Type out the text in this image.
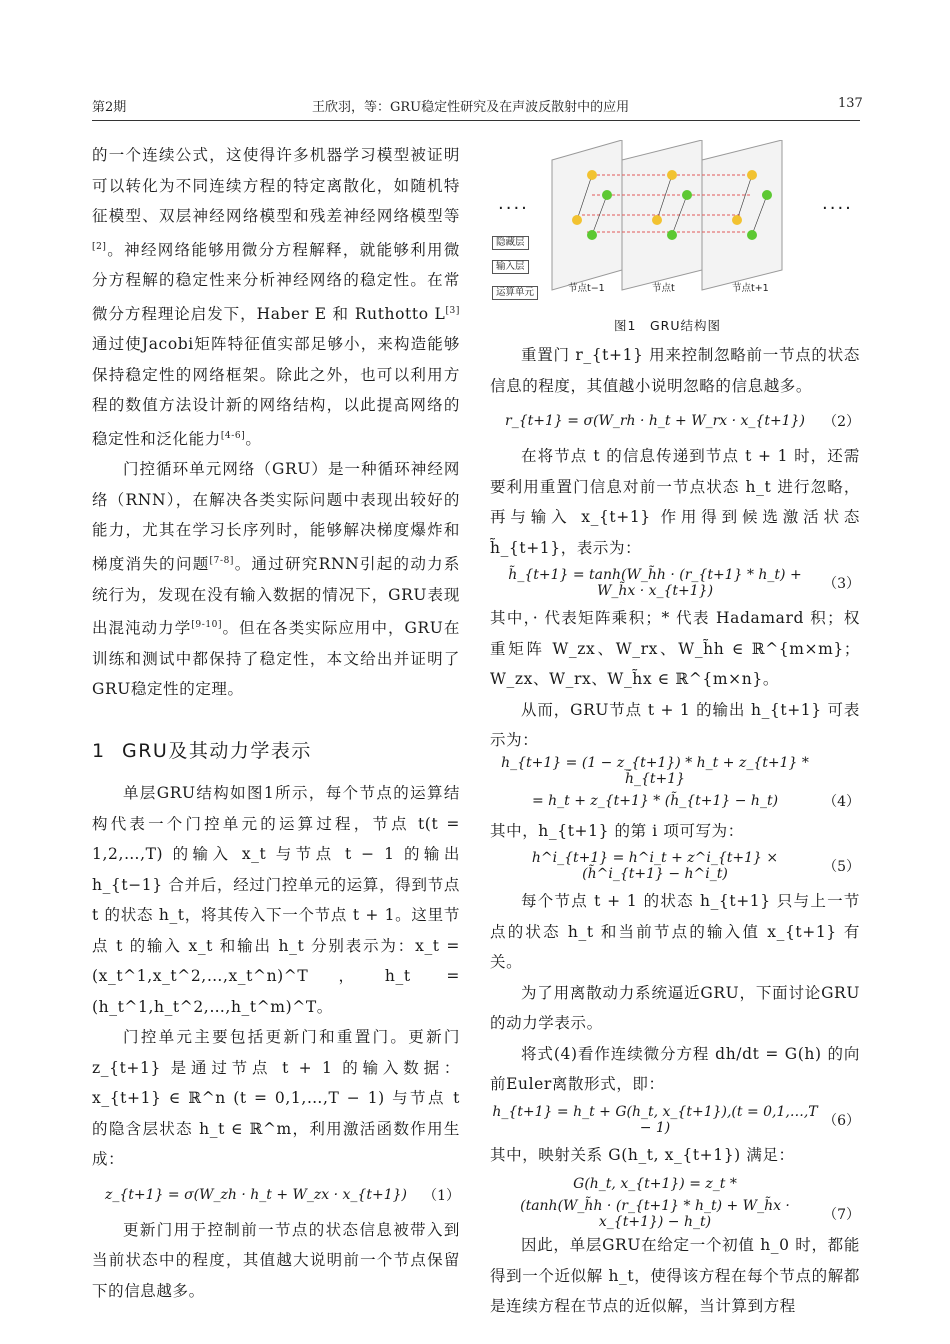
第2期	王欣羽，等：GRU稳定性研究及在声波反散射中的应用	137

的一个连续公式，这使得许多机器学习模型被证明可以转化为不同连续方程的特定离散化，如随机特征模型、双层神经网络模型和残差神经网络模型等[2]。神经网络能够用微分方程解释，就能够利用微分方程解的稳定性来分析神经网络的稳定性。在常微分方程理论启发下，Haber E 和 Ruthotto L[3]通过使Jacobi矩阵特征值实部足够小，来构造能够保持稳定性的网络框架。除此之外，也可以利用方程的数值方法设计新的网络结构，以此提高网络的稳定性和泛化能力[4-6]。

门控循环单元网络（GRU）是一种循环神经网络（RNN），在解决各类实际问题中表现出较好的能力，尤其在学习长序列时，能够解决梯度爆炸和梯度消失的问题[7-8]。通过研究RNN引起的动力系统行为，发现在没有输入数据的情况下，GRU表现出混沌动力学[9-10]。但在各类实际应用中，GRU在训练和测试中都保持了稳定性，本文给出并证明了GRU稳定性的定理。

1 GRU及其动力学表示

单层GRU结构如图1所示，每个节点的运算结构代表一个门控单元的运算过程，节点 t(t = 1,2,…,T) 的输入 x_t 与节点 t − 1 的输出 h_{t−1} 合并后，经过门控单元的运算，得到节点 t 的状态 h_t，将其传入下一个节点 t + 1。这里节点 t 的输入 x_t 和输出 h_t 分别表示为：x_t = (x_t^1,x_t^2,…,x_t^n)^T，h_t = (h_t^1,h_t^2,…,h_t^m)^T。

门控单元主要包括更新门和重置门。更新门 z_{t+1} 是通过节点 t + 1 的输入数据：x_{t+1} ∈ ℝ^n (t = 0,1,…,T − 1) 与节点 t 的隐含层状态 h_t ∈ ℝ^m，利用激活函数作用生成：

z_{t+1} = σ(W_zh · h_t + W_zx · x_{t+1})	（1）

更新门用于控制前一节点的状态信息被带入到当前状态中的程度，其值越大说明前一个节点保留下的信息越多。

····	····
隐藏层
输入层
运算单元	节点t−1	节点t	节点t+1
图1　GRU结构图

重置门 r_{t+1} 用来控制忽略前一节点的状态信息的程度，其值越小说明忽略的信息越多。

r_{t+1} = σ(W_rh · h_t + W_rx · x_{t+1})	（2）

在将节点 t 的信息传递到节点 t + 1 时，还需要利用重置门信息对前一节点状态 h_t 进行忽略，再与输入 x_{t+1} 作用得到候选激活状态 h̃_{t+1}，表示为：

h̃_{t+1} = tanh(W_h̃h · (r_{t+1} * h_t) + W_h̃x · x_{t+1})	（3）

其中，· 代表矩阵乘积；* 代表 Hadamard 积；权重矩阵 W_zx、W_rx、W_h̃h ∈ ℝ^{m×m}；W_zx、W_rx、W_h̃x ∈ ℝ^{m×n}。

从而，GRU节点 t + 1 的输出 h_{t+1} 可表示为：

h_{t+1} = (1 − z_{t+1}) * h_t + z_{t+1} * h̃_{t+1}
= h_t + z_{t+1} * (h̃_{t+1} − h_t)	（4）

其中，h_{t+1} 的第 i 项可写为：

h^i_{t+1} = h^i_t + z^i_{t+1} × (h̃^i_{t+1} − h^i_t)	（5）

每个节点 t + 1 的状态 h_{t+1} 只与上一节点的状态 h_t 和当前节点的输入值 x_{t+1} 有关。

为了用离散动力系统逼近GRU，下面讨论GRU的动力学表示。

将式(4)看作连续微分方程 dh/dt = G(h) 的向前Euler离散形式，即：

h_{t+1} = h_t + G(h_t, x_{t+1}),(t = 0,1,…,T − 1)	（6）

其中，映射关系 G(h_t, x_{t+1}) 满足：

G(h_t, x_{t+1}) = z_t *
(tanh(W_h̃h · (r_{t+1} * h_t) + W_h̃x · x_{t+1}) − h_t)	（7）

因此，单层GRU在给定一个初值 h_0 时，都能得到一个近似解 h_t，使得该方程在每个节点的解都是连续方程在节点的近似解，当计算到方程
